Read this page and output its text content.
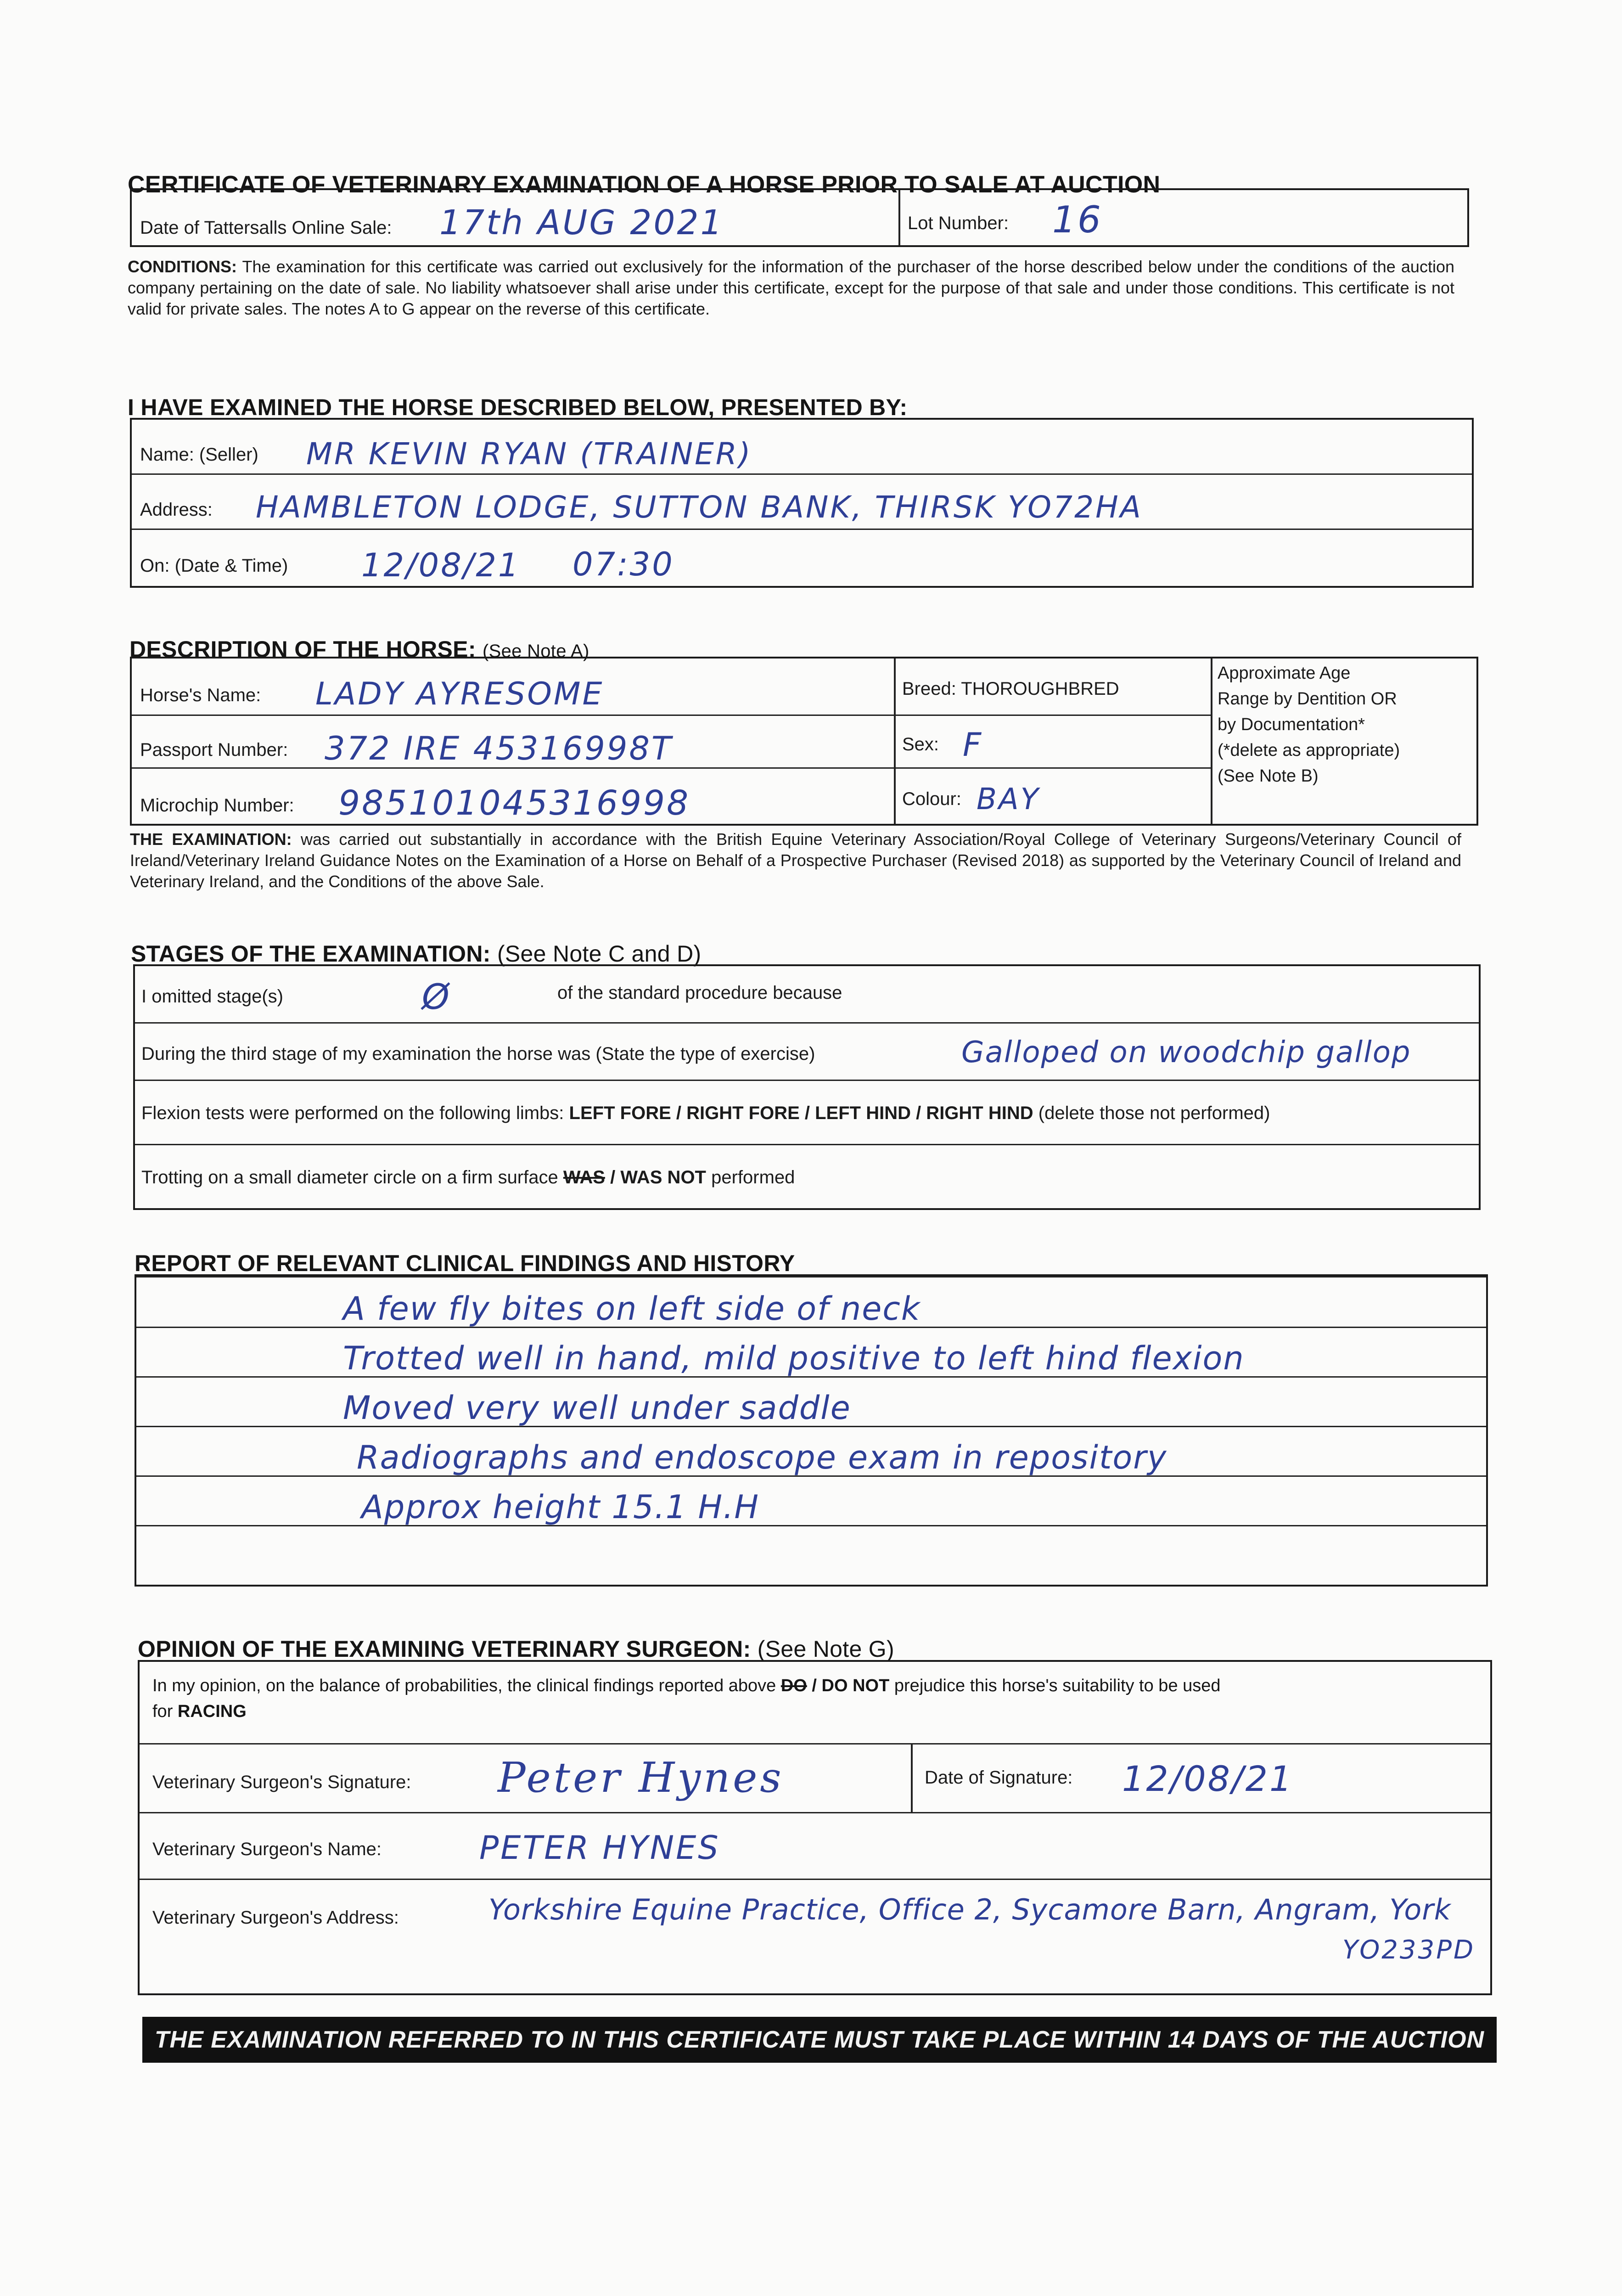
CERTIFICATE OF VETERINARY EXAMINATION OF A HORSE PRIOR TO SALE AT AUCTION
Date of Tattersalls Online Sale: 17th AUG 2021	Lot Number: 16
CONDITIONS: The examination for this certificate was carried out exclusively for the information of the purchaser of the horse described below under the conditions of the auction company pertaining on the date of sale. No liability whatsoever shall arise under this certificate, except for the purpose of that sale and under those conditions. This certificate is not valid for private sales. The notes A to G appear on the reverse of this certificate.
I HAVE EXAMINED THE HORSE DESCRIBED BELOW, PRESENTED BY:
Name: (Seller) MR KEVIN RYAN (TRAINER)
Address: HAMBLETON LODGE, SUTTON BANK, THIRSK YO72HA
On: (Date & Time) 12/08/21 07:30
DESCRIPTION OF THE HORSE: (See Note A)
Horse's Name: LADY AYRESOME	Breed: THOROUGHBRED
Passport Number: 372 IRE 45316998T	Sex: F
Microchip Number: 985101045316998	Colour: BAY
Approximate Age
Range by Dentition OR
by Documentation*
(*delete as appropriate)
(See Note B)
THE EXAMINATION: was carried out substantially in accordance with the British Equine Veterinary Association/Royal College of Veterinary Surgeons/Veterinary Council of Ireland/Veterinary Ireland Guidance Notes on the Examination of a Horse on Behalf of a Prospective Purchaser (Revised 2018) as supported by the Veterinary Council of Ireland and Veterinary Ireland, and the Conditions of the above Sale.
STAGES OF THE EXAMINATION: (See Note C and D)
I omitted stage(s)	Ø	of the standard procedure because
During the third stage of my examination the horse was (State the type of exercise)	Galloped on woodchip gallop
Flexion tests were performed on the following limbs: LEFT FORE / RIGHT FORE / LEFT HIND / RIGHT HIND (delete those not performed)
Trotting on a small diameter circle on a firm surface WAS / WAS NOT performed
REPORT OF RELEVANT CLINICAL FINDINGS AND HISTORY
A few fly bites on left side of neck
Trotted well in hand, mild positive to left hind flexion
Moved very well under saddle
Radiographs and endoscope exam in repository
Approx height 15.1 H.H
OPINION OF THE EXAMINING VETERINARY SURGEON: (See Note G)
In my opinion, on the balance of probabilities, the clinical findings reported above DO / DO NOT prejudice this horse's suitability to be used
for RACING
Veterinary Surgeon's Signature: Peter Hynes	Date of Signature: 12/08/21
Veterinary Surgeon's Name:	PETER HYNES
Veterinary Surgeon's Address:	Yorkshire Equine Practice, Office 2, Sycamore Barn, Angram, York
YO233PD
THE EXAMINATION REFERRED TO IN THIS CERTIFICATE MUST TAKE PLACE WITHIN 14 DAYS OF THE AUCTION
